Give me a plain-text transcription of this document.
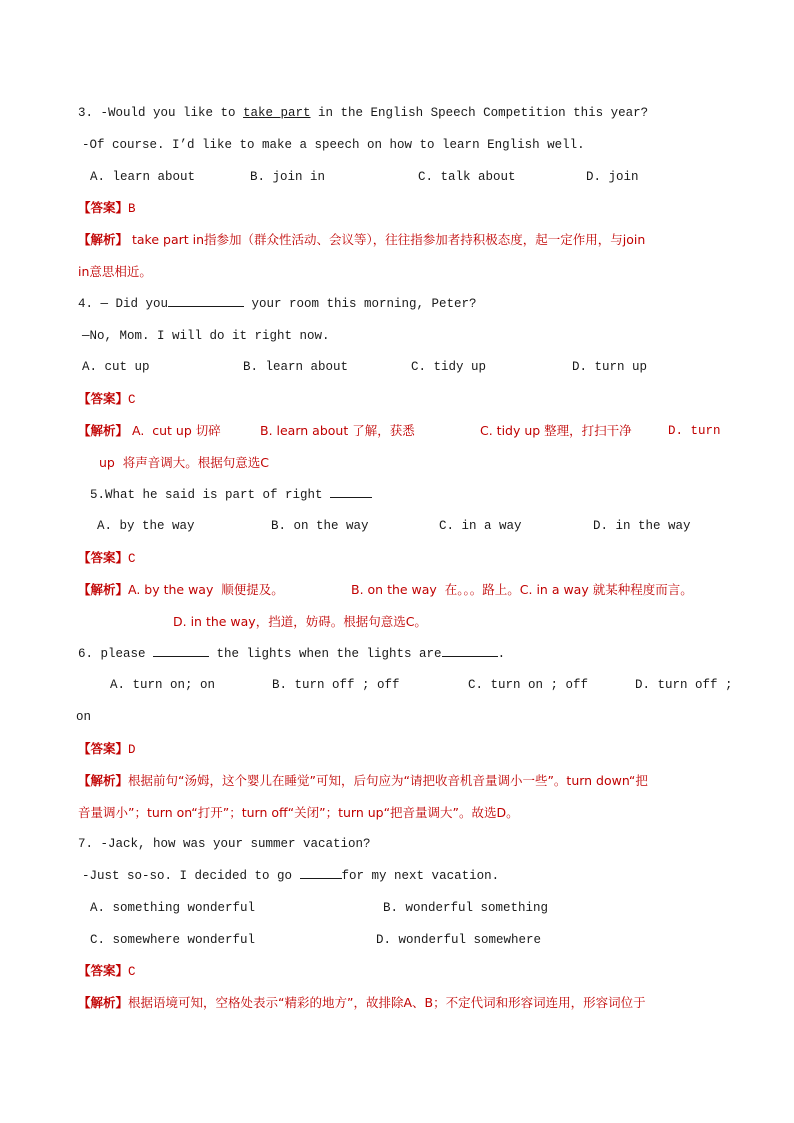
3. -Would you like to take part in the English Speech Competition this year?
-Of course. I’d like to make a speech on how to learn English well.
A. learn about	B. join in	C. talk about	D. join
【答案】B
【解析】 take part in指参加（群众性活动、会议等），往往指参加者持积极态度，起一定作用，与join
in意思相近。
4. — Did you	your room this morning, Peter?
—No, Mom. I will do it right now.
A. cut up	B. learn about	C. tidy up	D. turn up
【答案】C
【解析】 A.  cut up 切碎	B. learn about 了解，获悉	C. tidy up 整理，打扫干净	D. turn
up  将声音调大。根据句意选C
5.What he said is part of right
A. by the way	B. on the way	C. in a way	D. in the way
【答案】C
【解析】 A. by the way  顺便提及。	B. on the way  在。。。路上。C. in a way 就某种程度而言。
D. in the way，挡道，妨碍。根据句意选C。
6. please	the lights when the lights are	.
A. turn on; on	B. turn off ; off	C. turn on ; off	D. turn off ;
on
【答案】D
【解析】根据前句“汤姆，这个婴儿在睡觉”可知，后句应为“请把收音机音量调小一些”。turn down“把
音量调小”；turn on“打开”；turn off“关闭”；turn up“把音量调大”。故选D。
7. -Jack, how was your summer vacation?
-Just so-so. I decided to go	for my next vacation.
A. something wonderful	B. wonderful something
C. somewhere wonderful	D. wonderful somewhere
【答案】C
【解析】根据语境可知，空格处表示“精彩的地方”，故排除A、B；不定代词和形容词连用，形容词位于
